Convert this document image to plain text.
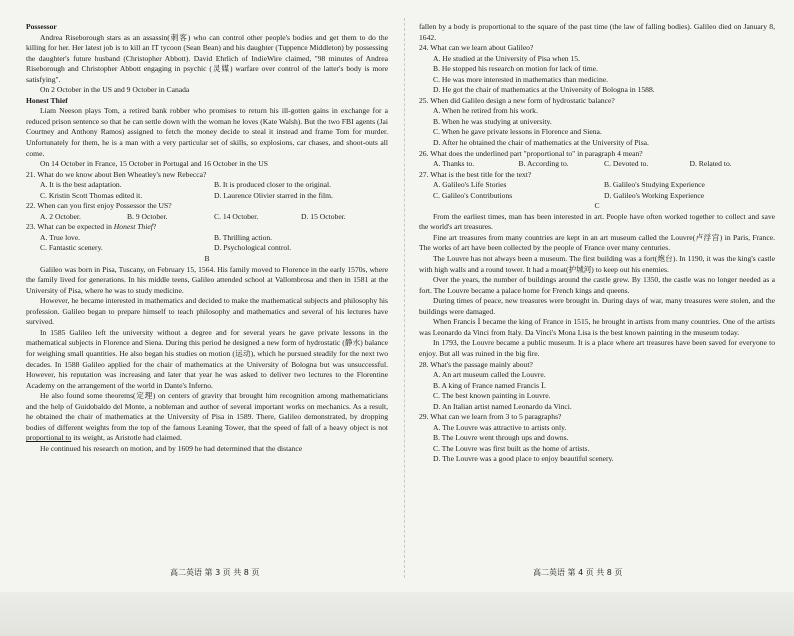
Possessor

Andrea Riseborough stars as an assassin(刺客) who can control other people's bodies and get them to do the killing for her. Her latest job is to kill an IT tycoon (Sean Bean) and his daughter (Tuppence Middleton) by possessing the daughter's future husband (Christopher Abbott). David Ehrlich of IndieWire claimed, "98 minutes of Andrea Riseborough and Christopher Abbott engaging in psychic (灵媒) warfare over control of the latter's body is more satisfying".

On 2 October in the US and 9 October in Canada

Honest Thief

Liam Neeson plays Tom, a retired bank robber who promises to return his ill-gotten gains in exchange for a reduced prison sentence so that he can settle down with the woman he loves (Kate Walsh). But the two FBI agents (Jai Courtney and Anthony Ramos) assigned to fetch the money decide to steal it instead and frame Tom for murder. Unfortunately for them, he is a man with a very particular set of skills, so explosions, car chases, and shoot-outs all come.

On 14 October in France, 15 October in Portugal and 16 October in the US

21. What do we know about Ben Wheatley's new Rebecca?

A. It is the best adaptation.	B. It is produced closer to the original.
C. Kristin Scott Thomas edited it.	D. Laurence Olivier starred in the film.

22. When can you first enjoy Possessor the US?

A. 2 October.	B. 9 October.	C. 14 October.	D. 15 October.

23. What can be expected in Honest Thief?

A. True love.	B. Thrilling action.
C. Fantastic scenery.	D. Psychological control.

B

Galileo was born in Pisa, Tuscany, on February 15, 1564. His family moved to Florence in the early 1570s, where the family lived for generations. In his middle teens, Galileo attended school at Vallombrosa and then in 1581 at the University of Pisa, where he was to study medicine.

However, he became interested in mathematics and decided to make the mathematical subjects and philosophy his profession. Galileo began to prepare himself to teach philosophy and mathematics and several of his lectures have survived.

In 1585 Galileo left the university without a degree and for several years he gave private lessons in the mathematical subjects in Florence and Siena. During this period he designed a new form of hydrostatic (静水) balance for weighing small quantities. He also began his studies on motion (运动), which he pursued steadily for the next two decades. In 1588 Galileo applied for the chair of mathematics at the University of Bologna but was unsuccessful. However, his reputation was increasing and later that year he was asked to deliver two lectures to the Florentine Academy on the arrangement of the world in Dante's Inferno.

He also found some theorems(定理) on centers of gravity that brought him recognition among mathematicians and the help of Guidobaldo del Monte, a nobleman and author of several important works on mechanics. As a result, he obtained the chair of mathematics at the University of Pisa in 1589. There, Galileo demonstrated, by dropping bodies of different weights from the top of the famous Leaning Tower, that the speed of fall of a heavy object is not proportional to its weight, as Aristotle had claimed.

He continued his research on motion, and by 1609 he had determined that the distance

fallen by a body is proportional to the square of the past time (the law of falling bodies). Galileo died on January 8, 1642.

24. What can we learn about Galileo?

A. He studied at the University of Pisa when 15.

B. He stopped his research on motion for lack of time.

C. He was more interested in mathematics than medicine.

D. He got the chair of mathematics at the University of Bologna in 1588.

25. When did Galileo design a new form of hydrostatic balance?

A. When he retired from his work.

B. When he was studying at university.

C. When he gave private lessons in Florence and Siena.

D. After he obtained the chair of mathematics at the University of Pisa.

26. What does the underlined part "proportional to" in paragraph 4 mean?

A. Thanks to.	B. According to.	C. Devoted to.	D. Related to.

27. What is the best title for the text?

A. Galileo's Life Stories	B. Galileo's Studying Experience
C. Galileo's Contributions	D. Galileo's Working Experience

C

From the earliest times, man has been interested in art. People have often worked together to collect and save the world's art treasures.

Fine art treasures from many countries are kept in an art museum called the Louvre(卢浮宫) in Paris, France. The works of art have been collected by the people of France over many centuries.

The Louvre has not always been a museum. The first building was a fort(炮台). In 1190, it was the king's castle with high walls and a round tower. It had a moat(护城河) to keep out his enemies.

Over the years, the number of buildings around the castle grew. By 1350, the castle was no longer needed as a fort. The Louvre became a palace home for French kings and queens.

During times of peace, new treasures were brought in. During days of war, many treasures were stolen, and the buildings were damaged.

When Francis Ⅰ became the king of France in 1515, he brought in artists from many countries. One of the artists was Leonardo da Vinci from Italy. Da Vinci's Mona Lisa is the best known painting in the museum today.

In 1793, the Louvre became a public museum. It is a place where art treasures have been saved for everyone to enjoy. But all was ruined in the big fire.

28. What's the passage mainly about?

A. An art museum called the Louvre.

B. A king of France named Francis Ⅰ.

C. The best known painting in Louvre.

D. An Italian artist named Leonardo da Vinci.

29. What can we learn from 3 to 5 paragraphs?

A. The Louvre was attractive to artists only.

B. The Louvre went through ups and downs.

C. The Louvre was first built as the home of artists.

D. The Louvre was a good place to enjoy beautiful scenery.

高二英语 第 3 页 共 8 页	高二英语 第 4 页 共 8 页
